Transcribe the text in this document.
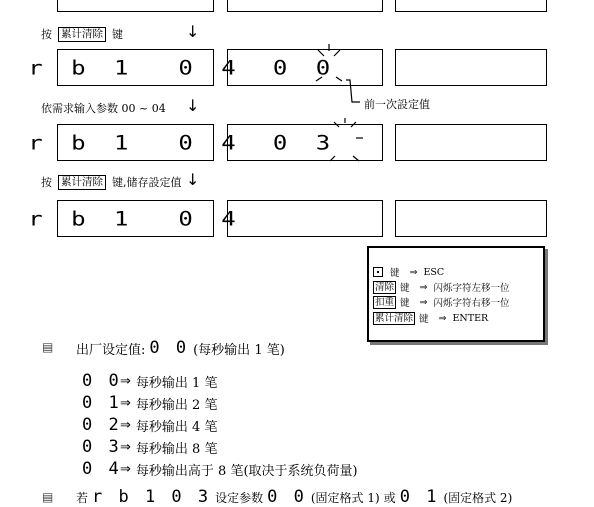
按 累计清除 键	↓
r b 1  0 4 0 0
前一次設定值
依需求输入参数 00 ~ 04 ↓
r b 1  0 4 0 3
按 累计清除 键,储存設定值 ↓
r b 1  0 4
键 ⇒ ESC
清除 键 ⇒ 闪烁字符左移一位
扣重 键 ⇒ 闪烁字符右移一位
累计清除 键 ⇒ ENTER
▤ 出厂设定值: 0 0 (每秒输出 1 笔)
0 0
⇒ 每秒输出 1 笔
0 1
⇒ 每秒输出 2 笔
0 2
⇒ 每秒输出 4 笔
0 3
⇒ 每秒输出 8 笔
0 4
⇒ 每秒输出高于 8 笔(取决于系统负荷量)
▤ 若 r b 1 0 3 设定参数 0 0 (固定格式 1) 或 0 1 (固定格式 2)
